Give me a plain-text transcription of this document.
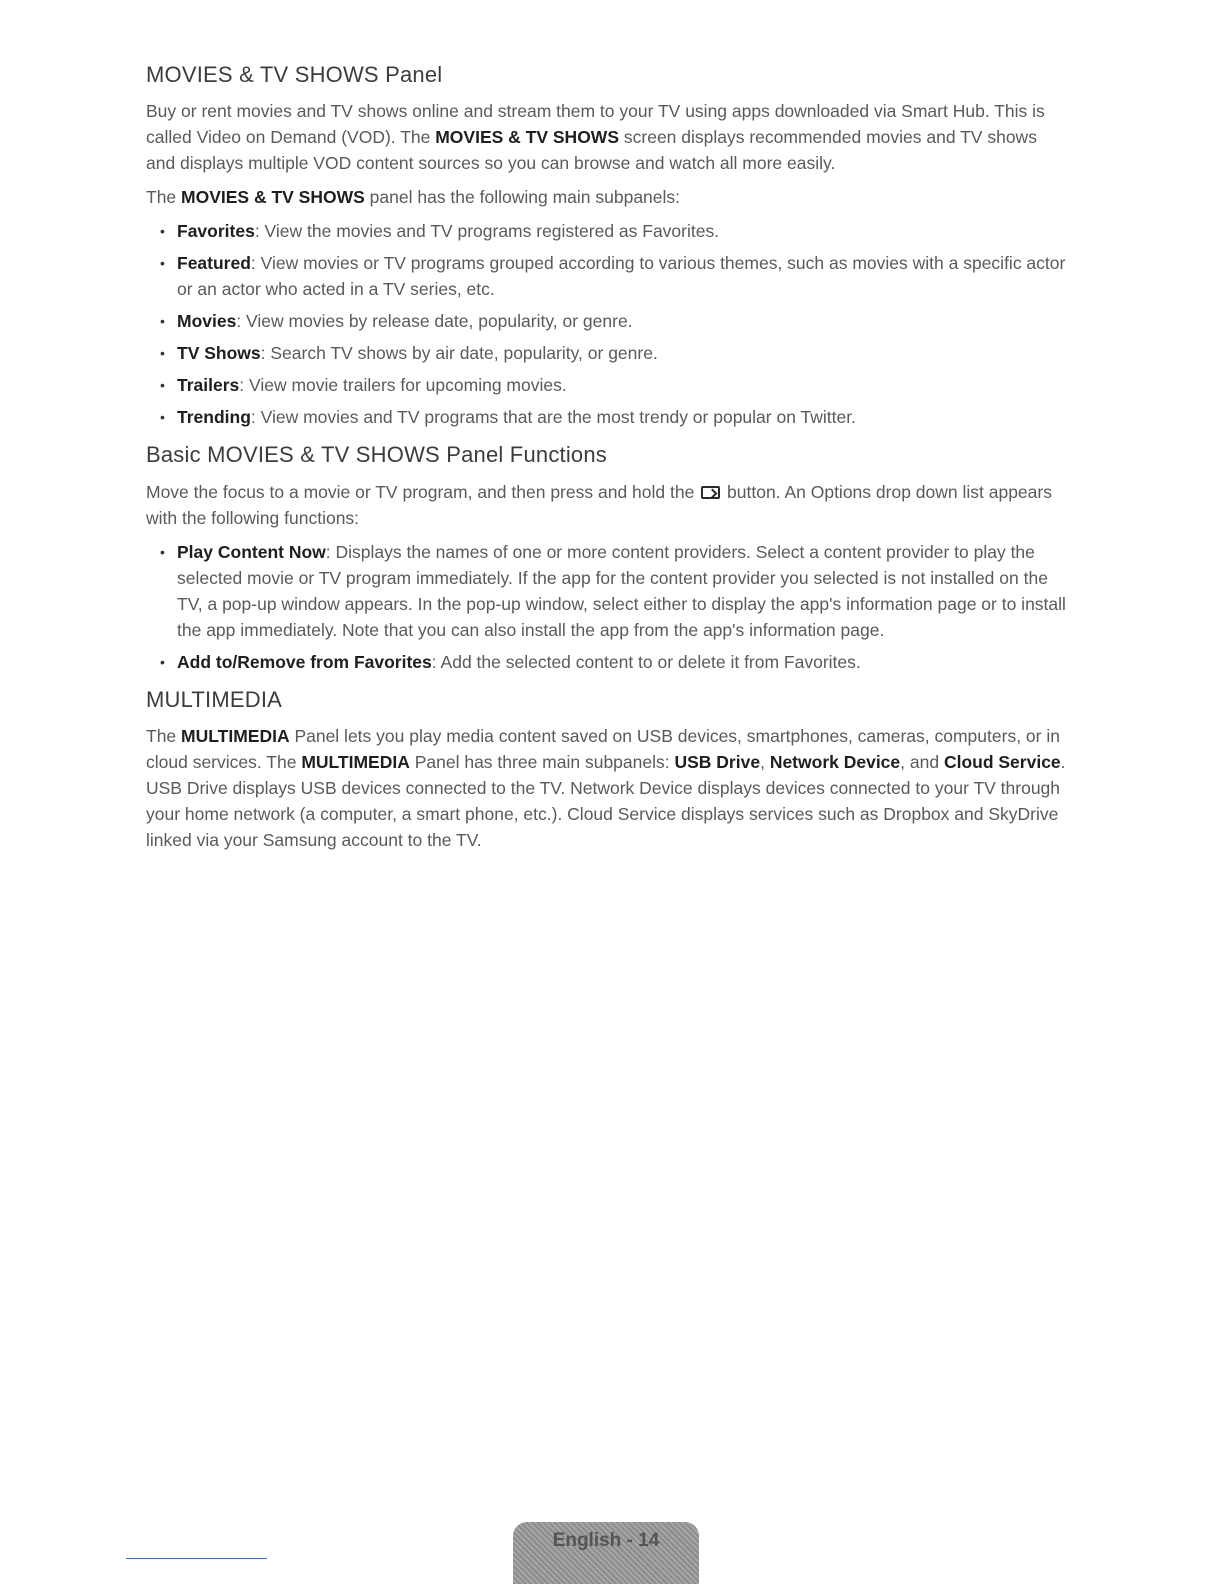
MOVIES & TV SHOWS Panel

Buy or rent movies and TV shows online and stream them to your TV using apps downloaded via Smart Hub. This is called Video on Demand (VOD). The MOVIES & TV SHOWS screen displays recommended movies and TV shows and displays multiple VOD content sources so you can browse and watch all more easily.

The MOVIES & TV SHOWS panel has the following main subpanels:

• Favorites: View the movies and TV programs registered as Favorites.
• Featured: View movies or TV programs grouped according to various themes, such as movies with a specific actor or an actor who acted in a TV series, etc.
• Movies: View movies by release date, popularity, or genre.
• TV Shows: Search TV shows by air date, popularity, or genre.
• Trailers: View movie trailers for upcoming movies.
• Trending: View movies and TV programs that are the most trendy or popular on Twitter.
Basic MOVIES & TV SHOWS Panel Functions

Move the focus to a movie or TV program, and then press and hold the  button. An Options drop down list appears with the following functions:

• Play Content Now: Displays the names of one or more content providers. Select a content provider to play the selected movie or TV program immediately. If the app for the content provider you selected is not installed on the TV, a pop-up window appears. In the pop-up window, select either to display the app's information page or to install the app immediately. Note that you can also install the app from the app's information page.
• Add to/Remove from Favorites: Add the selected content to or delete it from Favorites.
MULTIMEDIA

The MULTIMEDIA Panel lets you play media content saved on USB devices, smartphones, cameras, computers, or in cloud services. The MULTIMEDIA Panel has three main subpanels: USB Drive, Network Device, and Cloud Service. USB Drive displays USB devices connected to the TV. Network Device displays devices connected to your TV through your home network (a computer, a smart phone, etc.). Cloud Service displays services such as Dropbox and SkyDrive linked via your Samsung account to the TV.

English - 14
